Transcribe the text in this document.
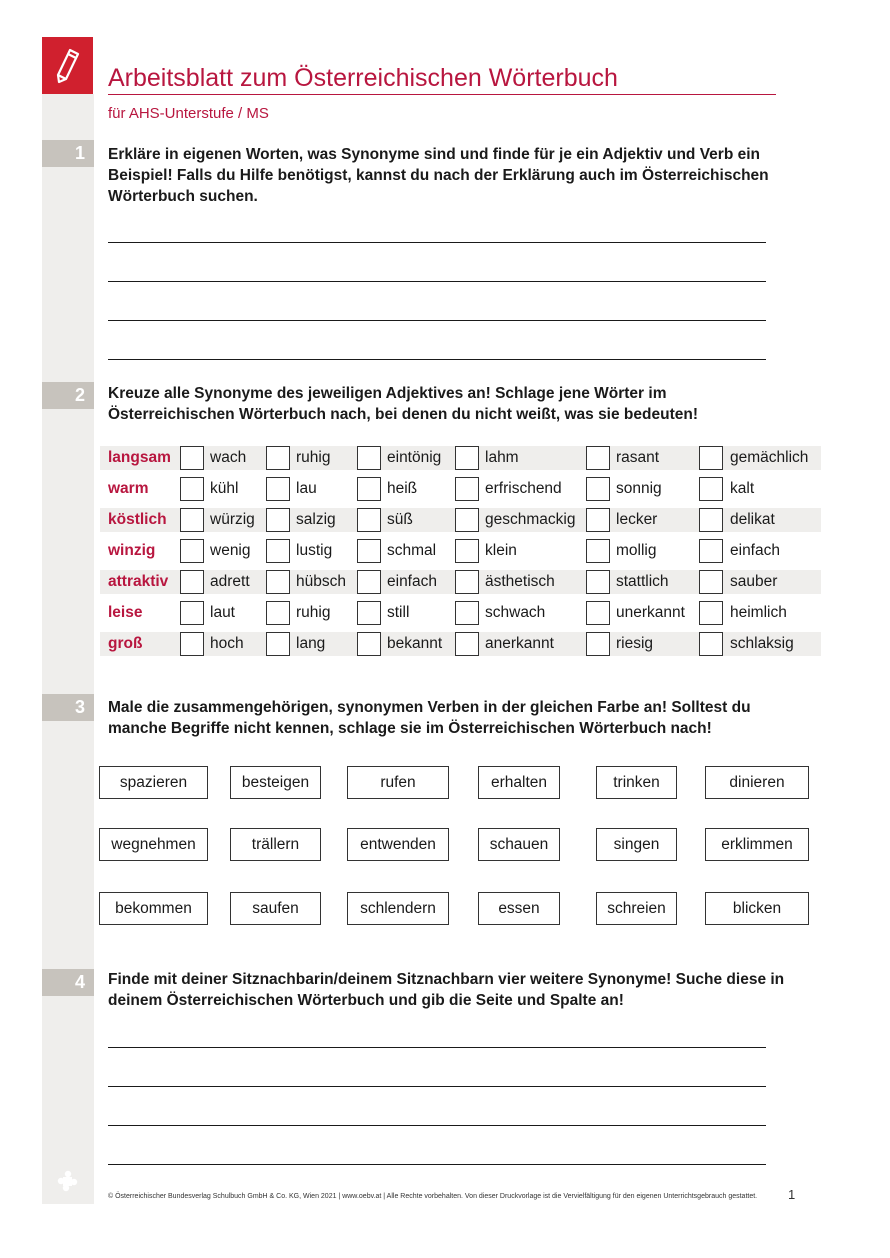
Arbeitsblatt zum Österreichischen Wörterbuch
für AHS-Unterstufe / MS
1	Erkläre in eigenen Worten, was Synonyme sind und finde für je ein Adjektiv und Verb ein Beispiel! Falls du Hilfe benötigst, kannst du nach der Erklärung auch im Österreichischen Wörterbuch suchen.
2	Kreuze alle Synonyme des jeweiligen Adjektives an! Schlage jene Wörter im Österreichischen Wörterbuch nach, bei denen du nicht weißt, was sie bedeuten!
langsam	wach	ruhig	eintönig	lahm	rasant	gemächlich
warm	kühl	lau	heiß	erfrischend	sonnig	kalt
köstlich	würzig	salzig	süß	geschmackig	lecker	delikat
winzig	wenig	lustig	schmal	klein	mollig	einfach
attraktiv	adrett	hübsch	einfach	ästhetisch	stattlich	sauber
leise	laut	ruhig	still	schwach	unerkannt	heimlich
groß	hoch	lang	bekannt	anerkannt	riesig	schlaksig
3	Male die zusammengehörigen, synonymen Verben in der gleichen Farbe an! Solltest du manche Begriffe nicht kennen, schlage sie im Österreichischen Wörterbuch nach!
spazieren	besteigen	rufen	erhalten	trinken	dinieren
wegnehmen	trällern	entwenden	schauen	singen	erklimmen
bekommen	saufen	schlendern	essen	schreien	blicken
4	Finde mit deiner Sitznachbarin/deinem Sitznachbarn vier weitere Synonyme! Suche diese in deinem Österreichischen Wörterbuch und gib die Seite und Spalte an!
© Österreichischer Bundesverlag Schulbuch GmbH & Co. KG, Wien 2021 | www.oebv.at | Alle Rechte vorbehalten. Von dieser Druckvorlage ist die Vervielfältigung für den eigenen Unterrichtsgebrauch gestattet. 1
